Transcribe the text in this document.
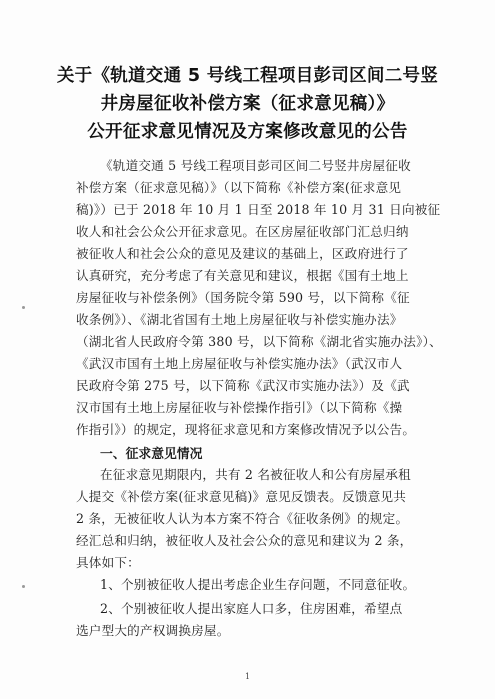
关于《轨道交通 5 号线工程项目彭司区间二号竖
井房屋征收补偿方案（征求意见稿）》
公开征求意见情况及方案修改意见的公告
《轨道交通 5 号线工程项目彭司区间二号竖井房屋征收
补偿方案（征求意见稿）》（以下简称《补偿方案(征求意见
稿)》）已于 2018 年 10 月 1 日至 2018 年 10 月 31 日向被征
收人和社会公众公开征求意见。在区房屋征收部门汇总归纳
被征收人和社会公众的意见及建议的基础上，区政府进行了
认真研究，充分考虑了有关意见和建议，根据《国有土地上
房屋征收与补偿条例》（国务院令第 590 号，以下简称《征
收条例》）、《湖北省国有土地上房屋征收与补偿实施办法》
（湖北省人民政府令第 380 号，以下简称《湖北省实施办法》）、
《武汉市国有土地上房屋征收与补偿实施办法》（武汉市人
民政府令第 275 号，以下简称《武汉市实施办法》）及《武
汉市国有土地上房屋征收与补偿操作指引》（以下简称《操
作指引》）的规定，现将征求意见和方案修改情况予以公告。
一、征求意见情况
在征求意见期限内，共有 2 名被征收人和公有房屋承租
人提交《补偿方案(征求意见稿)》意见反馈表。反馈意见共
2 条，无被征收人认为本方案不符合《征收条例》的规定。
经汇总和归纳，被征收人及社会公众的意见和建议为 2 条，
具体如下：
1、个别被征收人提出考虑企业生存问题，不同意征收。
2、个别被征收人提出家庭人口多，住房困难，希望点
选户型大的产权调换房屋。
1
